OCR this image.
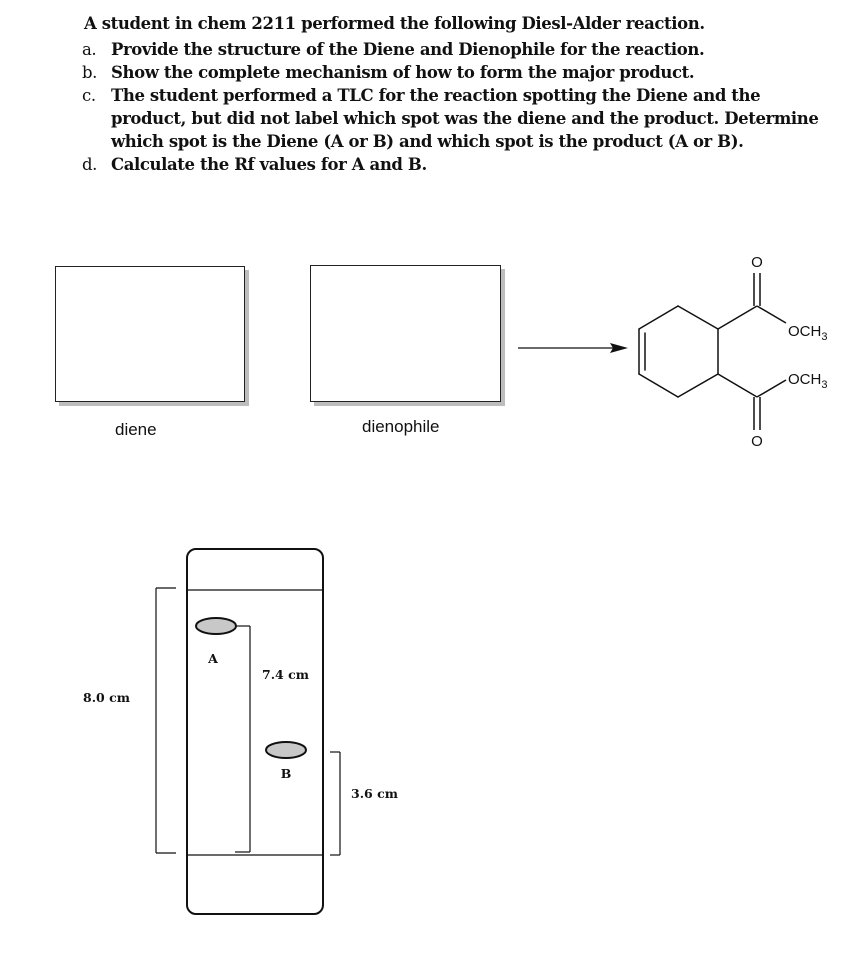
A student in chem 2211 performed the following Diesl-Alder reaction.
a. Provide the structure of the Diene and Dienophile for the reaction.
b. Show the complete mechanism of how to form the major product.
c. The student performed a TLC for the reaction spotting the Diene and the product, but did not label which spot was the diene and the product. Determine which spot is the Diene (A or B) and which spot is the product (A or B).
d. Calculate the Rf values for A and B.
diene	dienophile
O
O
$OCH_3$
$OCH_3$
A
B
8.0 cm
7.4 cm
3.6 cm
